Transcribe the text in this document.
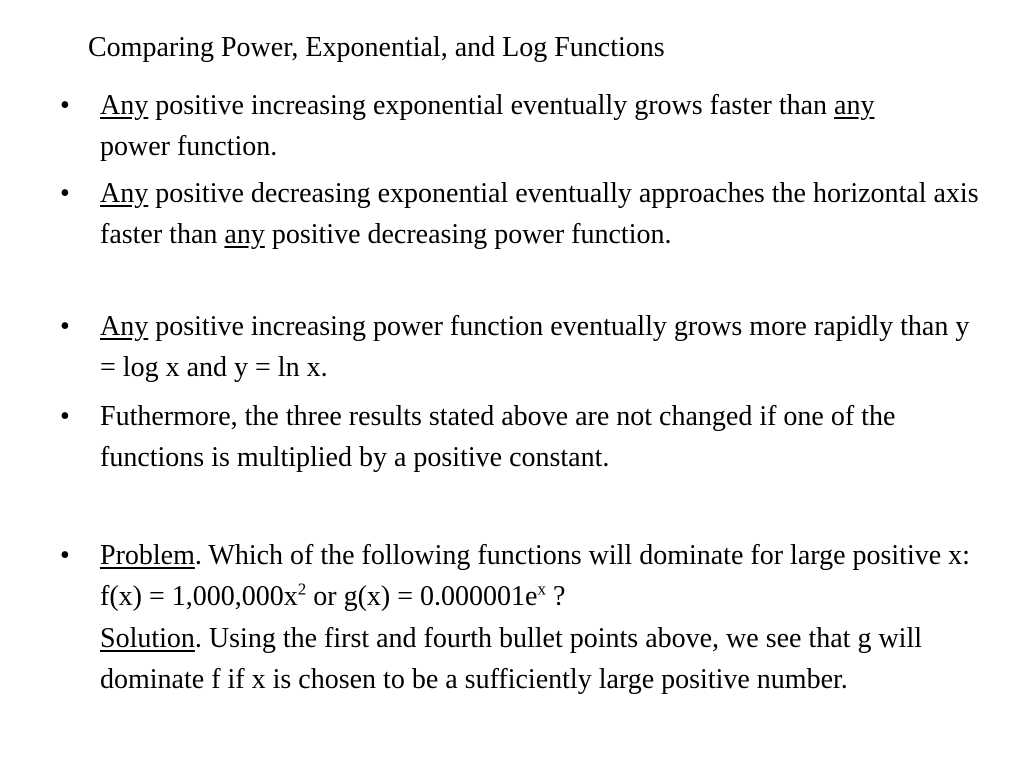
Comparing Power, Exponential, and Log Functions
• Any positive increasing exponential eventually grows faster than any power function.
• Any positive decreasing exponential eventually approaches the horizontal axis faster than any positive decreasing power function.
• Any positive increasing power function eventually grows more rapidly than y = log x and y = ln x.
• Futhermore, the three results stated above are not changed if one of the functions is multiplied by a positive constant.
• Problem. Which of the following functions will dominate for large positive x: $f(x) = 1,000,000x^2$ or $g(x) = 0.000001e^x$ ?
Solution. Using the first and fourth bullet points above, we see that g will dominate f if x is chosen to be a sufficiently large positive number.
